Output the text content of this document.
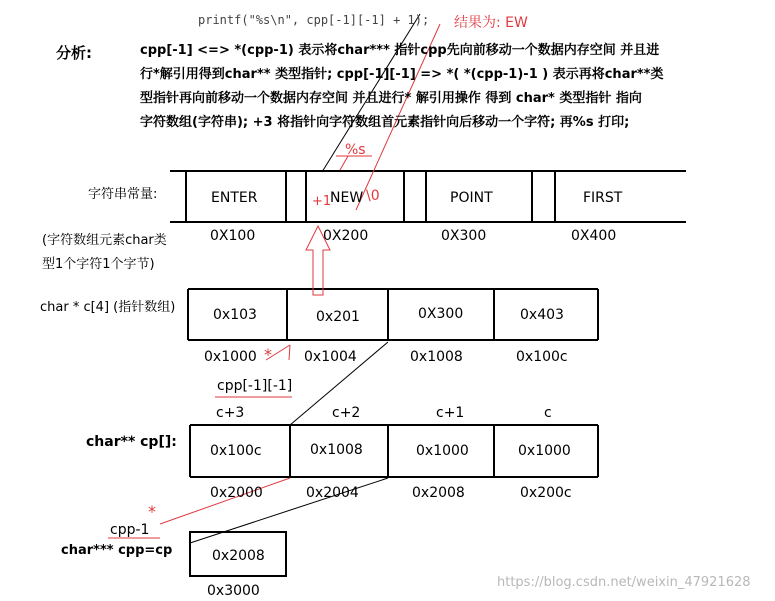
printf("%s\n", cpp[-1][-1] + 1); 结果为: EW
分析:	cpp[-1] <=> *(cpp-1) 表示将char*** 指针cpp先向前移动一个数据内存空间 并且进
行*解引用得到char** 类型指针; cpp[-1][-1] => *( *(cpp-1)-1 ) 表示再将char**类
型指针再向前移动一个数据内存空间 并且进行* 解引用操作 得到 char* 类型指针 指向
字符数组(字符串); +3 将指针向字符数组首元素指针向后移动一个字符; 再%s 打印;
%s
+1 \0
*
*
字符串常量:
(字符数组元素char类
型1个字符1个字节)
ENTER	NEW	POINT	FIRST
0X100	0X200	0X300	0X400
char * c[4] (指针数组)	0x103	0x201	0X300	0x403
0x1000	0x1004	0x1008	0x100c
cpp[-1][-1]
c+3	c+2	c+1	c
char** cp[]:
0x100c	0x1008	0x1000	0x1000
0x2000	0x2004	0x2008	0x200c
cpp-1
char*** cpp=cp	0x2008
0x3000
https://blog.csdn.net/weixin_47921628
